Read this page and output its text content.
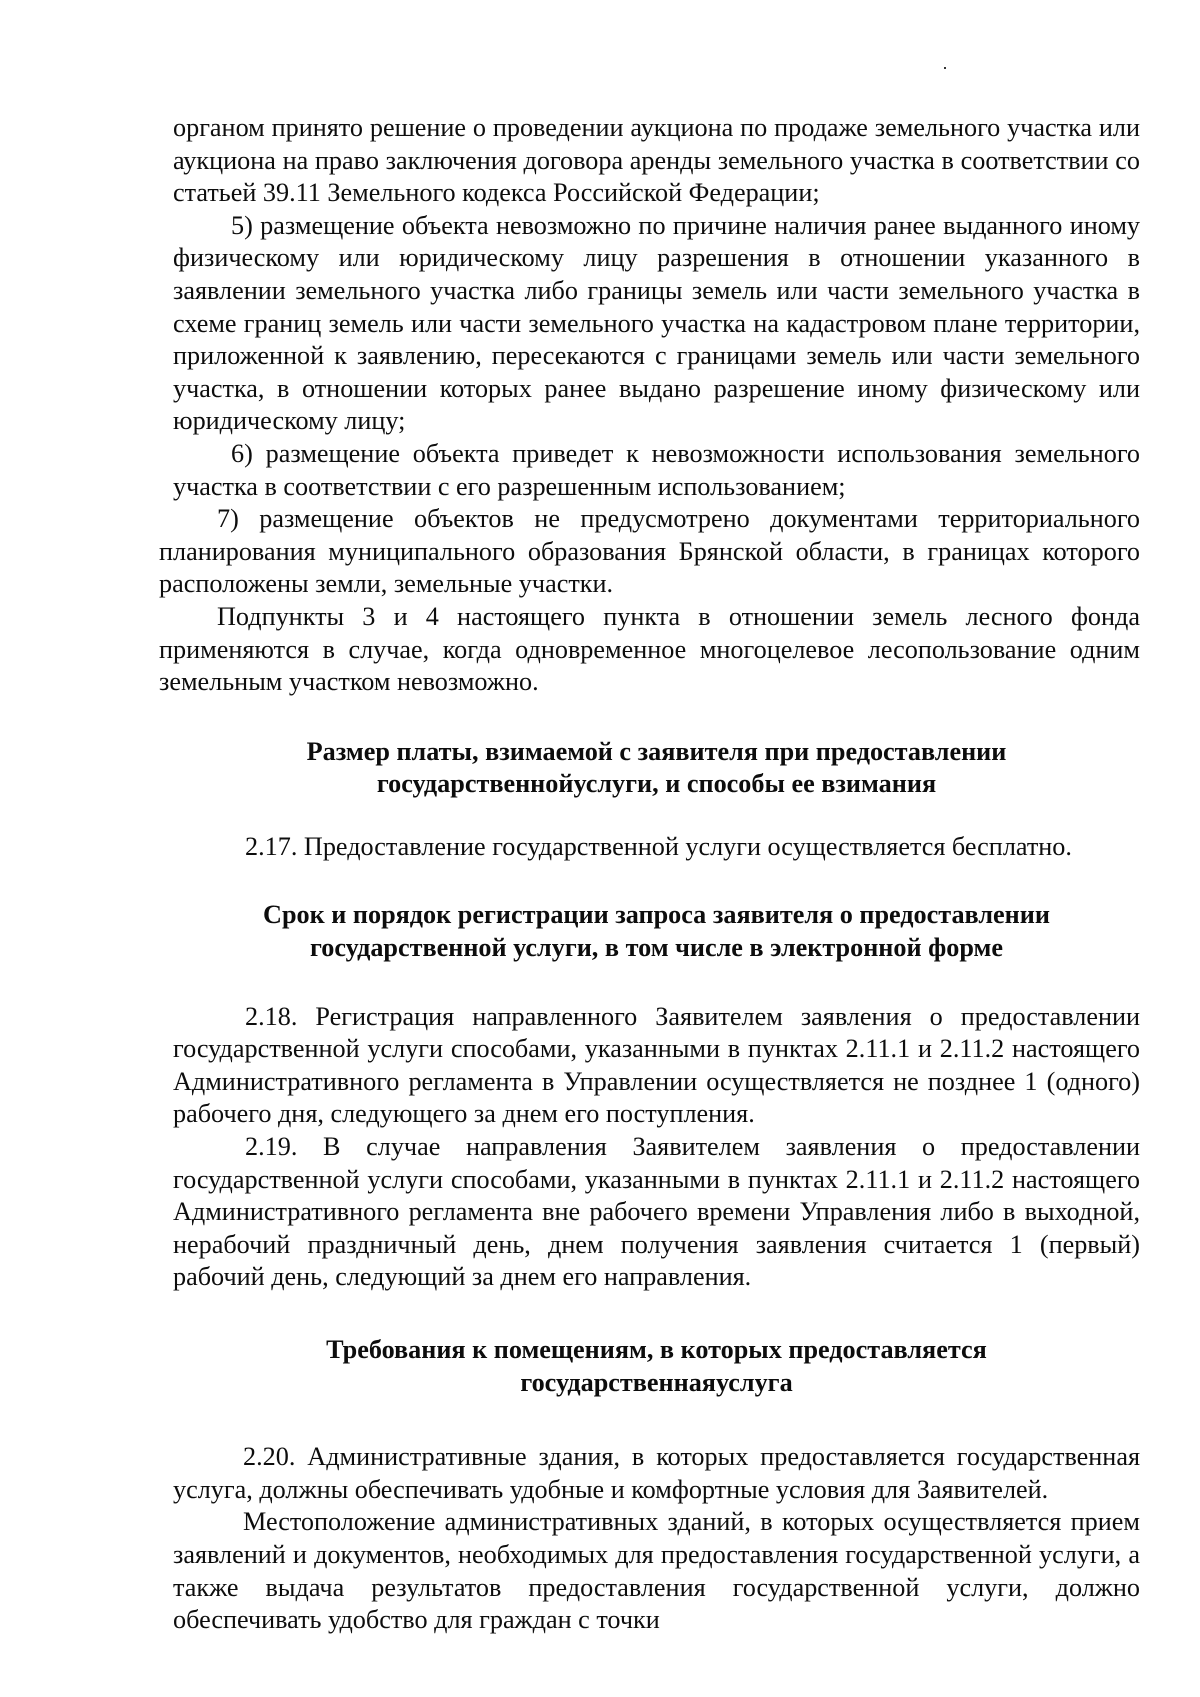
органом принято решение о проведении аукциона по продаже земельного участка или аукциона на право заключения договора аренды земельного участка в соответствии со статьей 39.11 Земельного кодекса Российской Федерации;

5) размещение объекта невозможно по причине наличия ранее выданного иному физическому или юридическому лицу разрешения в отношении указанного в заявлении земельного участка либо границы земель или части земельного участка в схеме границ земель или части земельного участка на кадастровом плане территории, приложенной к заявлению, пересекаются с границами земель или части земельного участка, в отношении которых ранее выдано разрешение иному физическому или юридическому лицу;

6) размещение объекта приведет к невозможности использования земельного участка в соответствии с его разрешенным использованием;

7) размещение объектов не предусмотрено документами территориального планирования муниципального образования Брянской области, в границах которого расположены земли, земельные участки.

Подпункты 3 и 4 настоящего пункта в отношении земель лесного фонда применяются в случае, когда одновременное многоцелевое лесопользование одним земельным участком невозможно.

Размер платы, взимаемой с заявителя при предоставлении
государственнойуслуги, и способы ее взимания

2.17. Предоставление государственной услуги осуществляется бесплатно.

Срок и порядок регистрации запроса заявителя о предоставлении
государственной услуги, в том числе в электронной форме

2.18. Регистрация направленного Заявителем заявления о предоставлении государственной услуги способами, указанными в пунктах 2.11.1 и 2.11.2 настоящего Административного регламента в Управлении осуществляется не позднее 1 (одного) рабочего дня, следующего за днем его поступления.

2.19. В случае направления Заявителем заявления о предоставлении государственной услуги способами, указанными в пунктах 2.11.1 и 2.11.2 настоящего Административного регламента вне рабочего времени Управления либо в выходной, нерабочий праздничный день, днем получения заявления считается 1 (первый) рабочий день, следующий за днем его направления.

Требования к помещениям, в которых предоставляется
государственнаяуслуга

2.20. Административные здания, в которых предоставляется государственная услуга, должны обеспечивать удобные и комфортные условия для Заявителей.

Местоположение административных зданий, в которых осуществляется прием заявлений и документов, необходимых для предоставления государственной услуги, а также выдача результатов предоставления государственной услуги, должно обеспечивать удобство для граждан с точки
